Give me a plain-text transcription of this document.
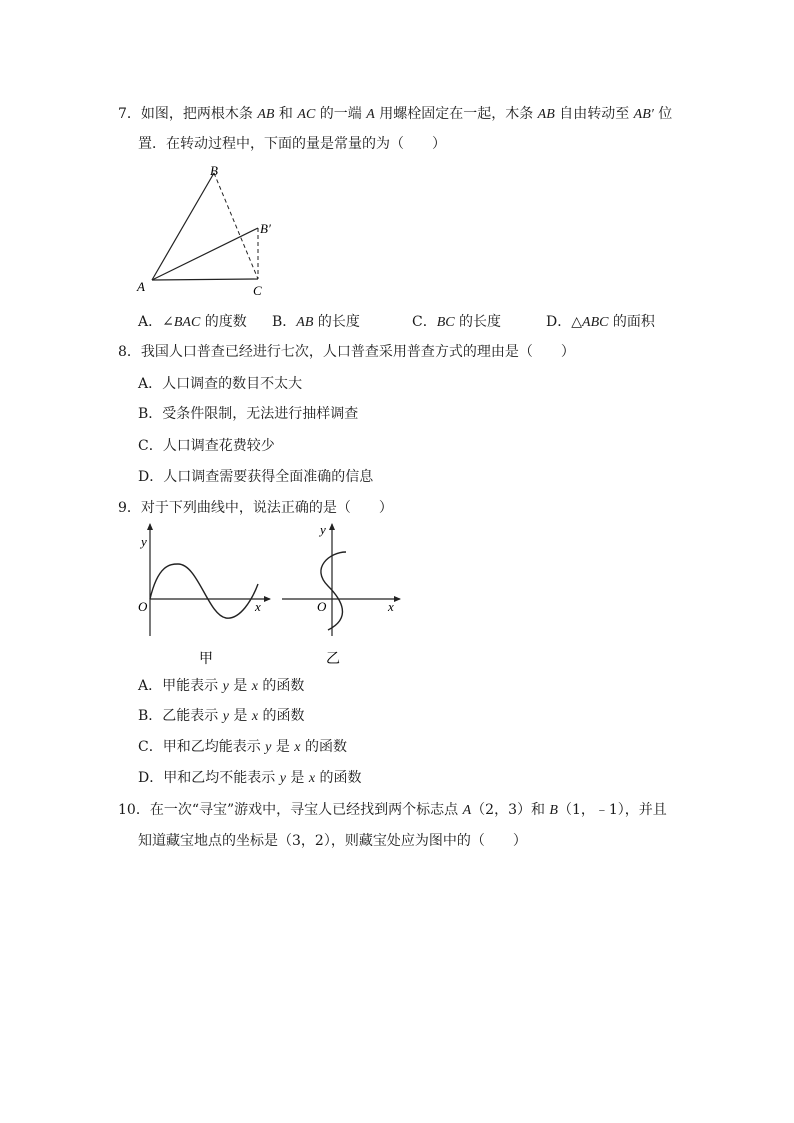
7．如图，把两根木条 AB 和 AC 的一端 A 用螺栓固定在一起，木条 AB 自由转动至 AB′ 位
置．在转动过程中，下面的量是常量的为（　　）
B
B′
A	C
A．∠BAC 的度数 B．AB 的长度	C．BC 的长度	D．△ABC 的面积
8．我国人口普查已经进行七次，人口普查采用普查方式的理由是（　　）
A．人口调查的数目不太大
B．受条件限制，无法进行抽样调查
C．人口调查花费较少
D．人口调查需要获得全面准确的信息
9．对于下列曲线中，说法正确的是（　　）
y
x
O
甲
y
x
O
乙
A．甲能表示 y 是 x 的函数
B．乙能表示 y 是 x 的函数
C．甲和乙均能表示 y 是 x 的函数
D．甲和乙均不能表示 y 是 x 的函数
10．在一次“寻宝”游戏中，寻宝人已经找到两个标志点 A（2，3）和 B（1，﹣1），并且
知道藏宝地点的坐标是（3，2），则藏宝处应为图中的（　　）
